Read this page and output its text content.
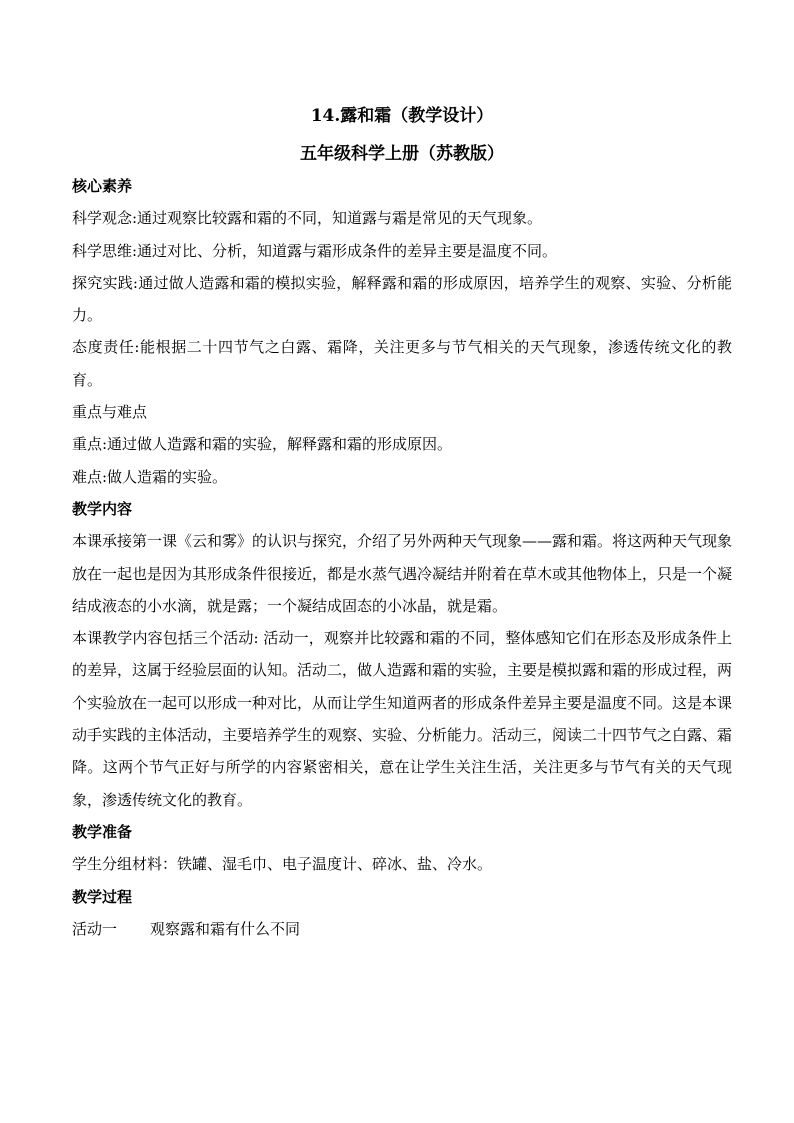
14.露和霜（教学设计）

五年级科学上册（苏教版）

核心素养

科学观念:通过观察比较露和霜的不同，知道露与霜是常见的天气现象。

科学思维:通过对比、分析，知道露与霜形成条件的差异主要是温度不同。

探究实践:通过做人造露和霜的模拟实验，解释露和霜的形成原因，培养学生的观察、实验、分析能力。

态度责任:能根据二十四节气之白露、霜降，关注更多与节气相关的天气现象，渗透传统文化的教育。

重点与难点

重点:通过做人造露和霜的实验，解释露和霜的形成原因。

难点:做人造霜的实验。

教学内容

本课承接第一课《云和雾》的认识与探究，介绍了另外两种天气现象——露和霜。将这两种天气现象放在一起也是因为其形成条件很接近，都是水蒸气遇冷凝结并附着在草木或其他物体上，只是一个凝结成液态的小水滴，就是露；一个凝结成固态的小冰晶，就是霜。

本课教学内容包括三个活动: 活动一，观察并比较露和霜的不同，整体感知它们在形态及形成条件上的差异，这属于经验层面的认知。活动二，做人造露和霜的实验，主要是模拟露和霜的形成过程，两个实验放在一起可以形成一种对比，从而让学生知道两者的形成条件差异主要是温度不同。这是本课动手实践的主体活动，主要培养学生的观察、实验、分析能力。活动三，阅读二十四节气之白露、霜降。这两个节气正好与所学的内容紧密相关，意在让学生关注生活，关注更多与节气有关的天气现象，渗透传统文化的教育。

教学准备

学生分组材料：铁罐、湿毛巾、电子温度计、碎冰、盐、冷水。

教学过程

活动一 观察露和霜有什么不同
